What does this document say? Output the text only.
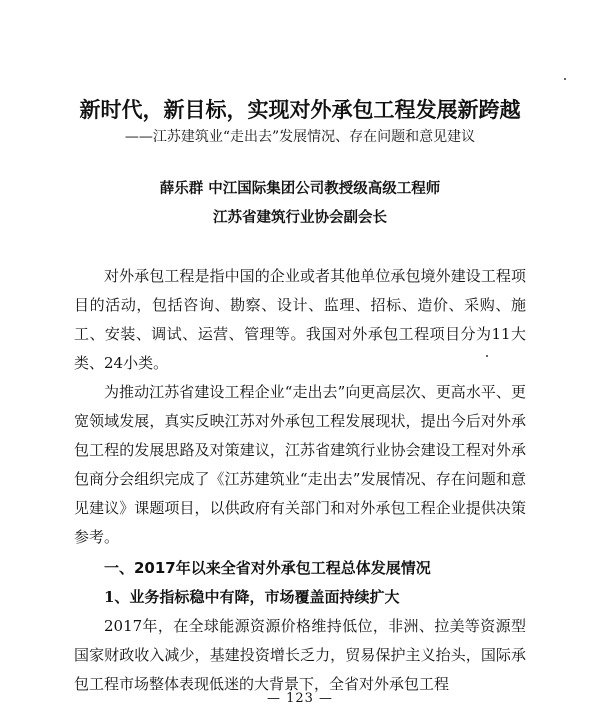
新时代，新目标，实现对外承包工程发展新跨越
——江苏建筑业“走出去”发展情况、存在问题和意见建议
薛乐群 中江国际集团公司教授级高级工程师
江苏省建筑行业协会副会长

对外承包工程是指中国的企业或者其他单位承包境外建设工程项目的活动，包括咨询、勘察、设计、监理、招标、造价、采购、施工、安装、调试、运营、管理等。我国对外承包工程项目分为11大类、24小类。

为推动江苏省建设工程企业“走出去”向更高层次、更高水平、更宽领域发展，真实反映江苏对外承包工程发展现状，提出今后对外承包工程的发展思路及对策建议，江苏省建筑行业协会建设工程对外承包商分会组织完成了《江苏建筑业“走出去”发展情况、存在问题和意见建议》课题项目，以供政府有关部门和对外承包工程企业提供决策参考。

一、2017年以来全省对外承包工程总体发展情况

1、业务指标稳中有降，市场覆盖面持续扩大

2017年，在全球能源资源价格维持低位，非洲、拉美等资源型国家财政收入减少，基建投资增长乏力，贸易保护主义抬头，国际承包工程市场整体表现低迷的大背景下，全省对外承包工程

— 123 —
